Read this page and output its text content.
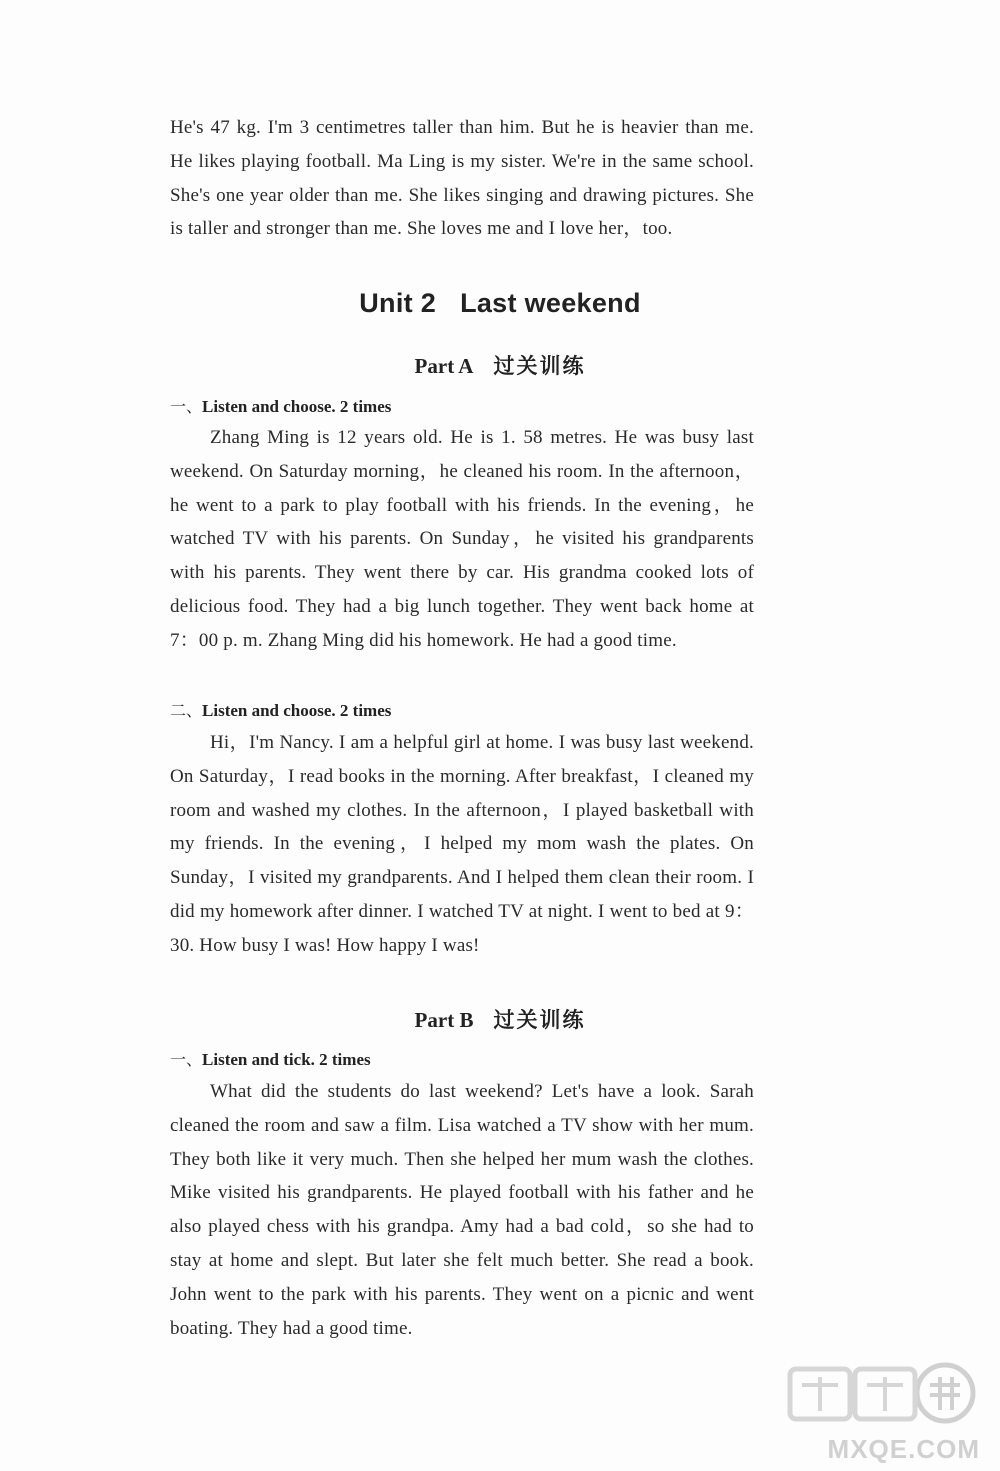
He's 47 kg. I'm 3 centimetres taller than him. But he is heavier than me. He likes playing football. Ma Ling is my sister. We're in the same school. She's one year older than me. She likes singing and drawing pictures. She is taller and stronger than me. She loves me and I love her，too.

Unit 2 Last weekend
Part A 过关训练
一、Listen and choose. 2 times

Zhang Ming is 12 years old. He is 1. 58 metres. He was busy last weekend. On Saturday morning，he cleaned his room. In the afternoon，he went to a park to play football with his friends. In the evening，he watched TV with his parents. On Sunday，he visited his grandparents with his parents. They went there by car. His grandma cooked lots of delicious food. They had a big lunch together. They went back home at 7：00 p. m. Zhang Ming did his homework. He had a good time.

二、Listen and choose. 2 times

Hi，I'm Nancy. I am a helpful girl at home. I was busy last weekend. On Saturday，I read books in the morning. After breakfast，I cleaned my room and washed my clothes. In the afternoon，I played basketball with my friends. In the evening，I helped my mom wash the plates. On Sunday，I visited my grandparents. And I helped them clean their room. I did my homework after dinner. I watched TV at night. I went to bed at 9：30. How busy I was! How happy I was!

Part B 过关训练
一、Listen and tick. 2 times

What did the students do last weekend? Let's have a look. Sarah cleaned the room and saw a film. Lisa watched a TV show with her mum. They both like it very much. Then she helped her mum wash the clothes. Mike visited his grandparents. He played football with his father and he also played chess with his grandpa. Amy had a bad cold，so she had to stay at home and slept. But later she felt much better. She read a book. John went to the park with his parents. They went on a picnic and went boating. They had a good time.

MXQE.COM
